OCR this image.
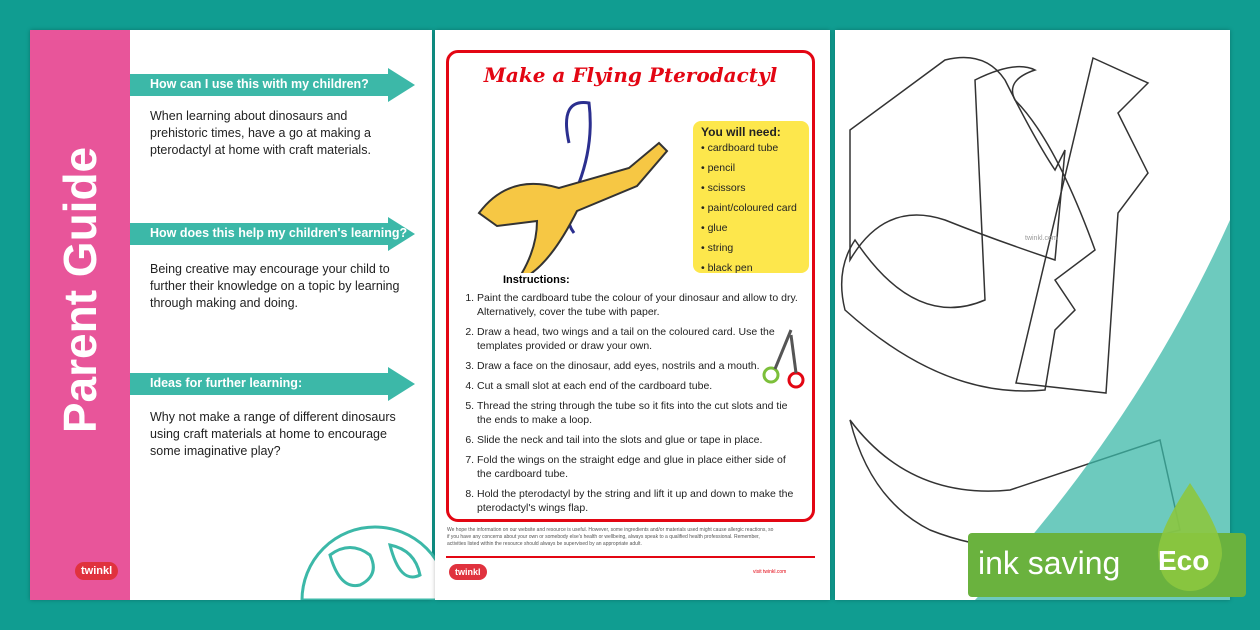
Parent Guide
How can I use this with my children?
When learning about dinosaurs and prehistoric times, have a go at making a pterodactyl at home with craft materials.
How does this help my children's learning?
Being creative may encourage your child to further their knowledge on a topic by learning through making and doing.
Ideas for further learning:
Why not make a range of different dinosaurs using craft materials at home to encourage some imaginative play?
twinkl
Make a Flying Pterodactyl
You will need:
• cardboard tube
• pencil
• scissors
• paint/coloured card
• glue
• string
• black pen
Instructions:
1. Paint the cardboard tube the colour of your dinosaur and allow to dry. Alternatively, cover the tube with paper.
2. Draw a head, two wings and a tail on the coloured card. Use the templates provided or draw your own.
3. Draw a face on the dinosaur, add eyes, nostrils and a mouth.
4. Cut a small slot at each end of the cardboard tube.
5. Thread the string through the tube so it fits into the cut slots and tie the ends to make a loop.
6. Slide the neck and tail into the slots and glue or tape in place.
7. Fold the wings on the straight edge and glue in place either side of the cardboard tube.
8. Hold the pterodactyl by the string and lift it up and down to make the pterodactyl's wings flap.
We hope the information on our website and resource is useful. However, some ingredients and/or materials used might cause allergic reactions, so if you have any concerns about your own or somebody else's health or wellbeing, always speak to a qualified health professional. Remember, activities listed within the resource should always be supervised by an appropriate adult.
twinkl	visit twinkl.com
twinkl.com
ink saving Eco
